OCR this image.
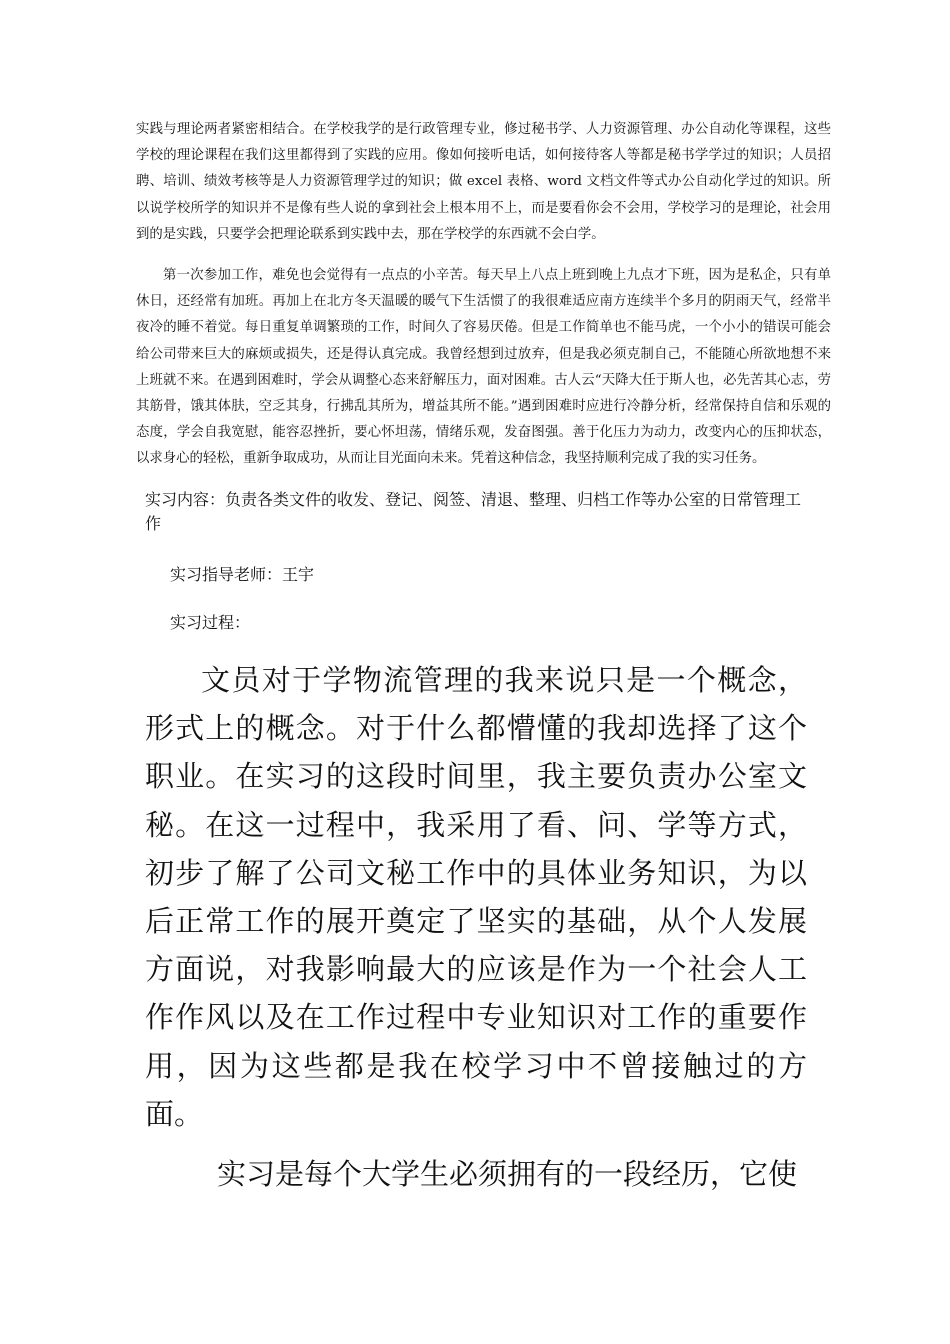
实践与理论两者紧密相结合。在学校我学的是行政管理专业，修过秘书学、人力资源管理、办公自动化等课程，这些学校的理论课程在我们这里都得到了实践的应用。像如何接听电话，如何接待客人等都是秘书学学过的知识；人员招聘、培训、绩效考核等是人力资源管理学过的知识；做 excel 表格、word 文档文件等式办公自动化学过的知识。所以说学校所学的知识并不是像有些人说的拿到社会上根本用不上，而是要看你会不会用，学校学习的是理论，社会用到的是实践，只要学会把理论联系到实践中去，那在学校学的东西就不会白学。

第一次参加工作，难免也会觉得有一点点的小辛苦。每天早上八点上班到晚上九点才下班，因为是私企，只有单休日，还经常有加班。再加上在北方冬天温暖的暖气下生活惯了的我很难适应南方连续半个多月的阴雨天气，经常半夜冷的睡不着觉。每日重复单调繁琐的工作，时间久了容易厌倦。但是工作简单也不能马虎，一个小小的错误可能会给公司带来巨大的麻烦或损失，还是得认真完成。我曾经想到过放弃，但是我必须克制自己，不能随心所欲地想不来上班就不来。在遇到困难时，学会从调整心态来舒解压力，面对困难。古人云“天降大任于斯人也，必先苦其心志，劳其筋骨，饿其体肤，空乏其身，行拂乱其所为，增益其所不能。”遇到困难时应进行冷静分析，经常保持自信和乐观的态度，学会自我宽慰，能容忍挫折，要心怀坦荡，情绪乐观，发奋图强。善于化压力为动力，改变内心的压抑状态，以求身心的轻松，重新争取成功，从而让目光面向未来。凭着这种信念，我坚持顺利完成了我的实习任务。

实习内容：负责各类文件的收发、登记、阅签、清退、整理、归档工作等办公室的日常管理工作

实习指导老师：王宇

实习过程：

文员对于学物流管理的我来说只是一个概念，形式上的概念。对于什么都懵懂的我却选择了这个职业。在实习的这段时间里，我主要负责办公室文秘。在这一过程中，我采用了看、问、学等方式，初步了解了公司文秘工作中的具体业务知识，为以后正常工作的展开奠定了坚实的基础，从个人发展方面说，对我影响最大的应该是作为一个社会人工作作风以及在工作过程中专业知识对工作的重要作用，因为这些都是我在校学习中不曾接触过的方面。

实习是每个大学生必须拥有的一段经历，它使
